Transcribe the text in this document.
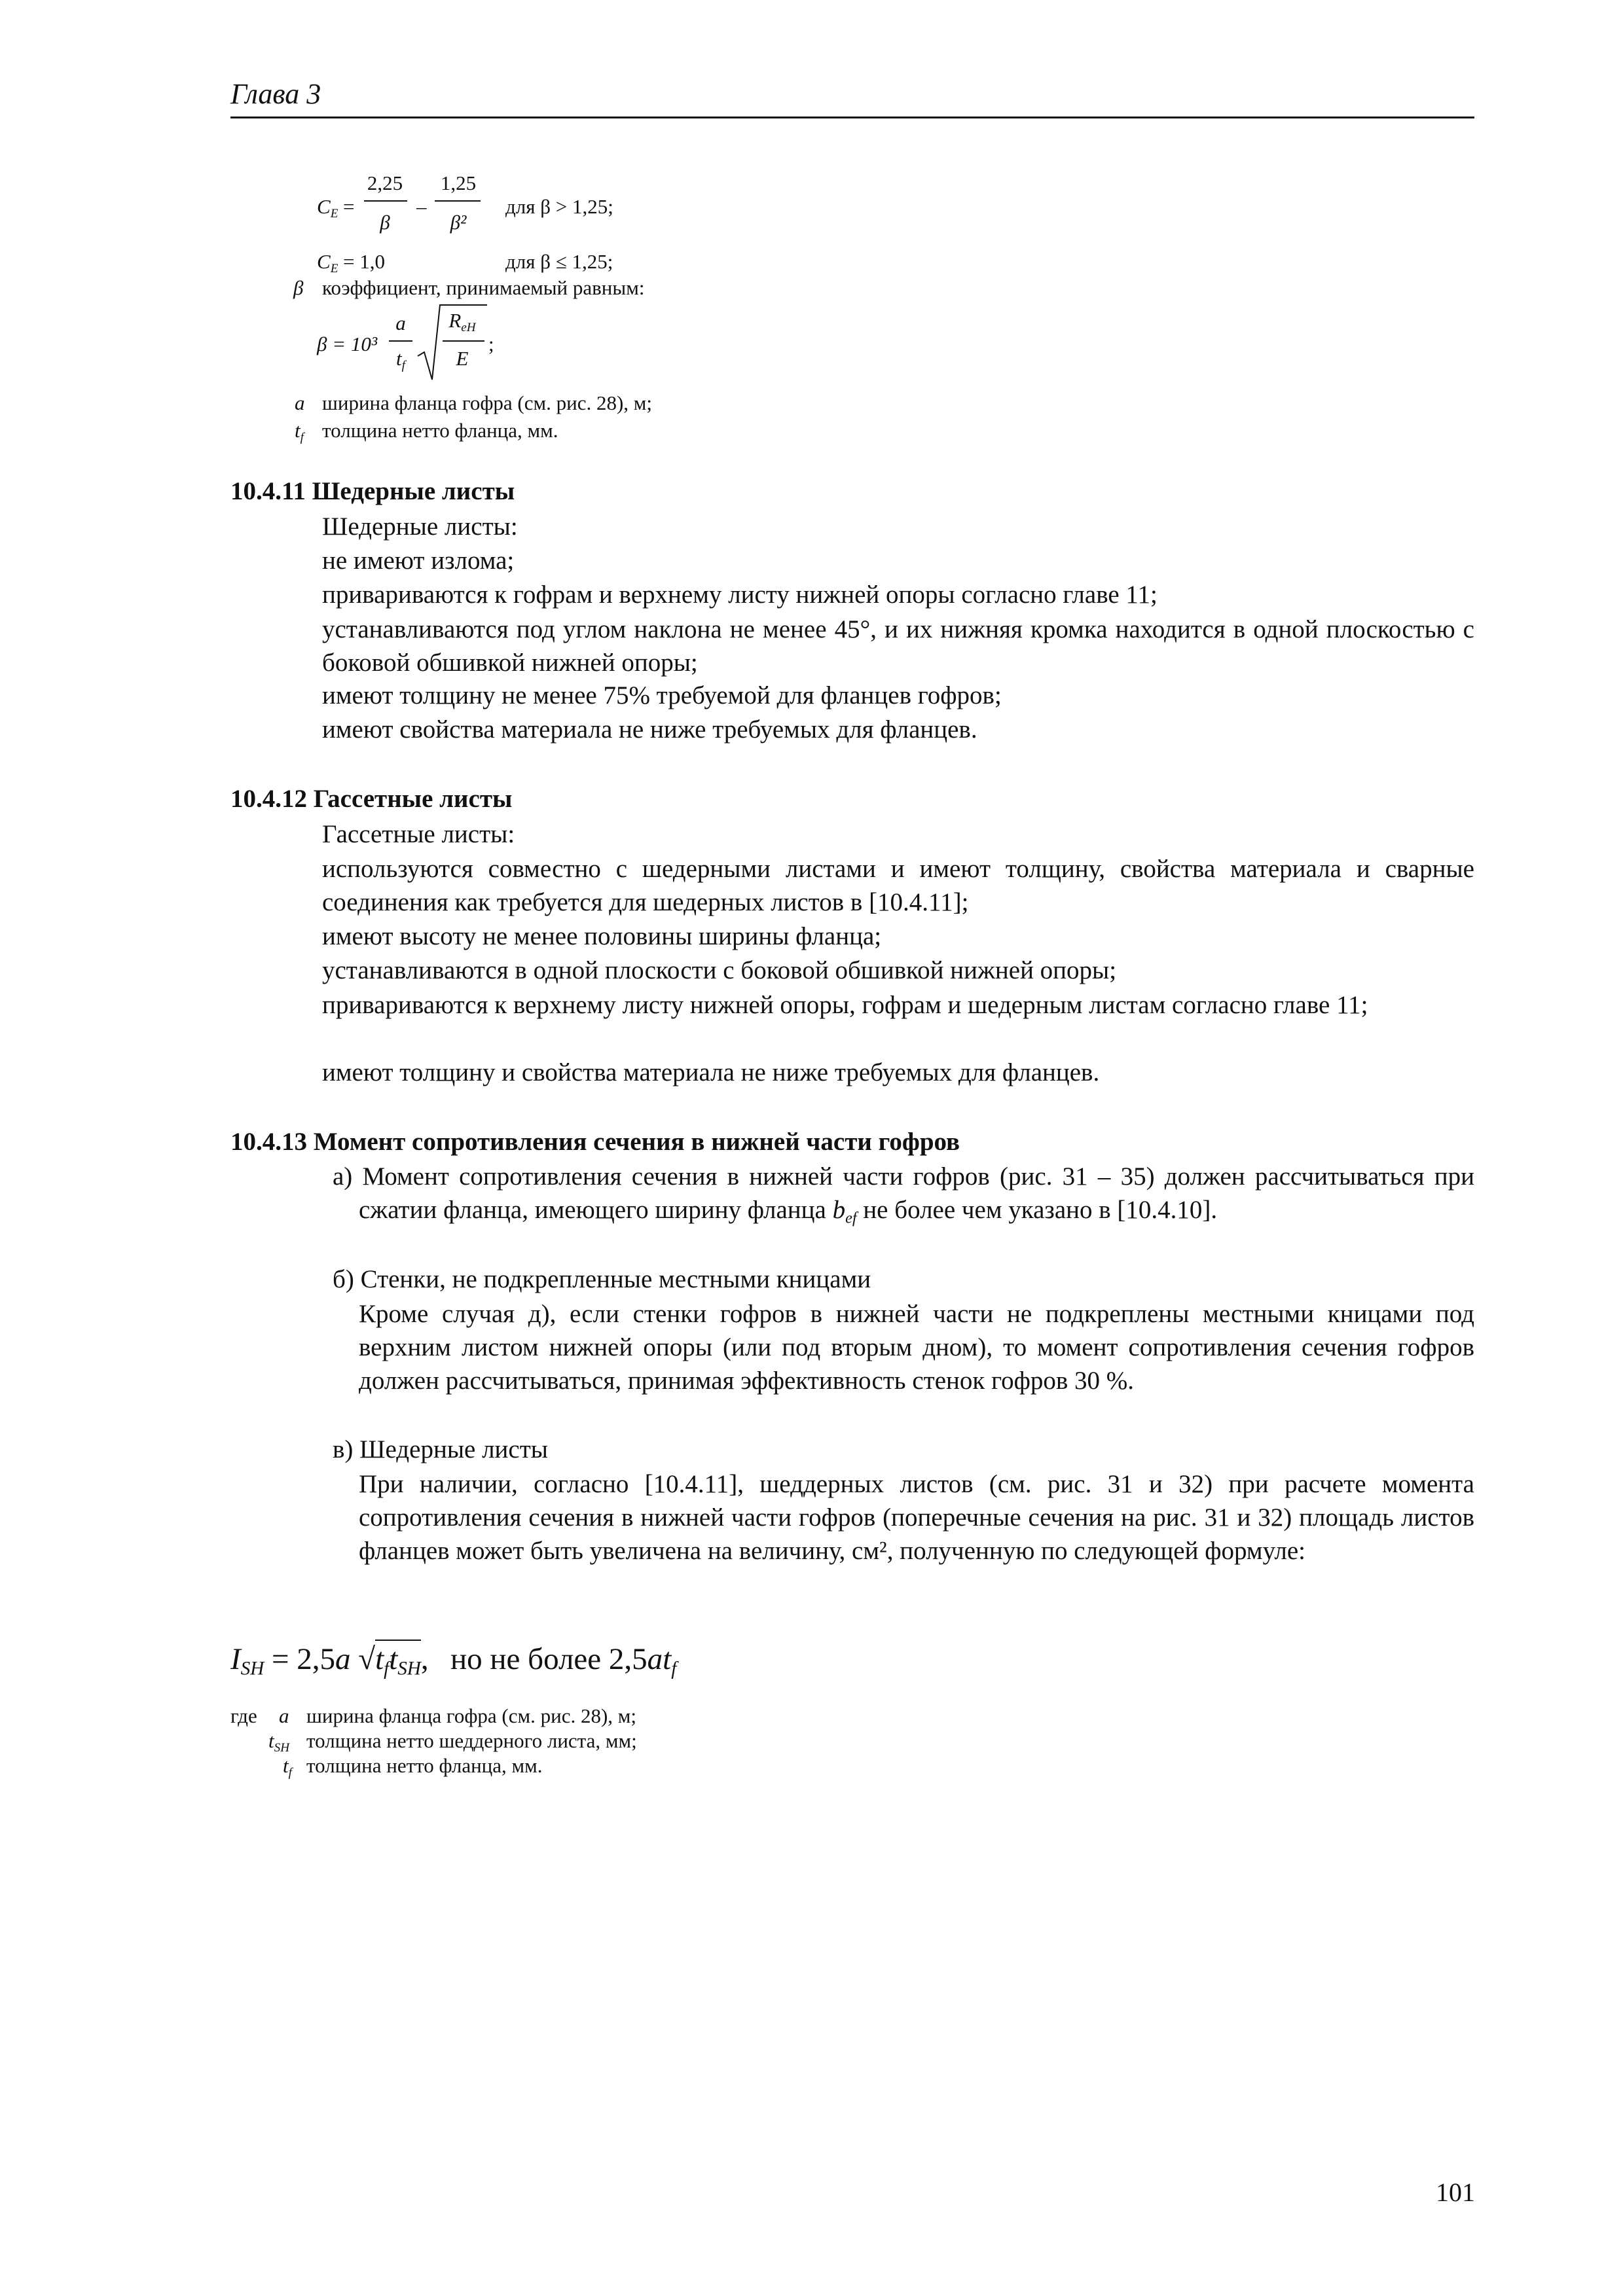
Глава 3
$C_E$ =
2,25
β
–
1,25
β²
для β > 1,25;
$C_E = 1,0$	для β ≤ 1,25;
β коэффициент, принимаемый равным:
β = 10³
a
$t_f$
$R_{eH}$
E
;
a ширина фланца гофра (см. рис. 28), м;
$t_f$ толщина нетто фланца, мм.
10.4.11 Шедерные листы
Шедерные листы:
не имеют излома;
привариваются к гофрам и верхнему листу нижней опоры согласно главе 11;
устанавливаются под углом наклона не менее 45°, и их нижняя кромка находится в одной плоскостью с боковой обшивкой нижней опоры;
имеют толщину не менее 75% требуемой для фланцев гофров;
имеют свойства материала не ниже требуемых для фланцев.
10.4.12 Гассетные листы
Гассетные листы:
используются совместно с шедерными листами и имеют толщину, свойства материала и сварные соединения как требуется для шедерных листов в [10.4.11];
имеют высоту не менее половины ширины фланца;
устанавливаются в одной плоскости с боковой обшивкой нижней опоры;
привариваются к верхнему листу нижней опоры, гофрам и шедерным листам согласно главе 11;
имеют толщину и свойства материала не ниже требуемых для фланцев.
10.4.13 Момент сопротивления сечения в нижней части гофров
а) Момент сопротивления сечения в нижней части гофров (рис. 31 – 35) должен рассчитываться при сжатии фланца, имеющего ширину фланца $b_{ef}$ не более чем указано в [10.4.10].
б) Стенки, не подкрепленные местными кницами
Кроме случая д), если стенки гофров в нижней части не подкреплены местными кницами под верхним листом нижней опоры (или под вторым дном), то момент сопротивления сечения гофров должен рассчитываться, принимая эффективность стенок гофров 30 %.
в) Шедерные листы
При наличии, согласно [10.4.11], шеддерных листов (см. рис. 31 и 32) при расчете момента сопротивления сечения в нижней части гофров (поперечные сечения на рис. 31 и 32) площадь листов фланцев может быть увеличена на величину, см², полученную по следующей формуле:
$I_{SH} = 2,5a$ $√t_ft_{SH}$, но не более $2,5at_f$
где a ширина фланца гофра (см. рис. 28), м;
$t_{SH}$ толщина нетто шеддерного листа, мм;
$t_f$ толщина нетто фланца, мм.
101
